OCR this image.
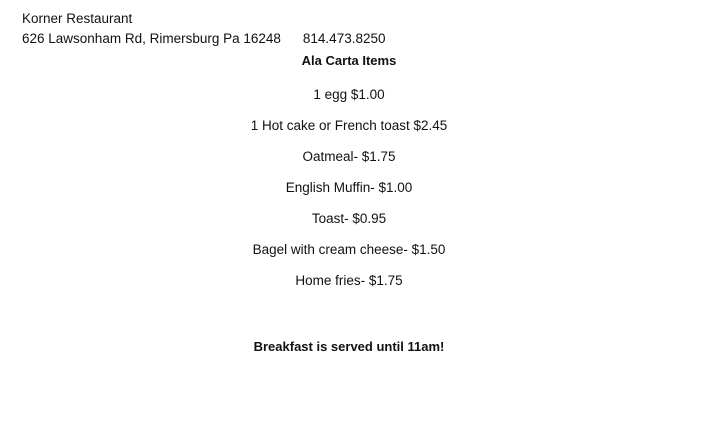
Korner Restaurant
626 Lawsonham Rd, Rimersburg Pa 16248 814.473.8250
Ala Carta Items
1 egg $1.00
1 Hot cake or French toast $2.45
Oatmeal- $1.75
English Muffin- $1.00
Toast- $0.95
Bagel with cream cheese- $1.50
Home fries- $1.75
Breakfast is served until 11am!
